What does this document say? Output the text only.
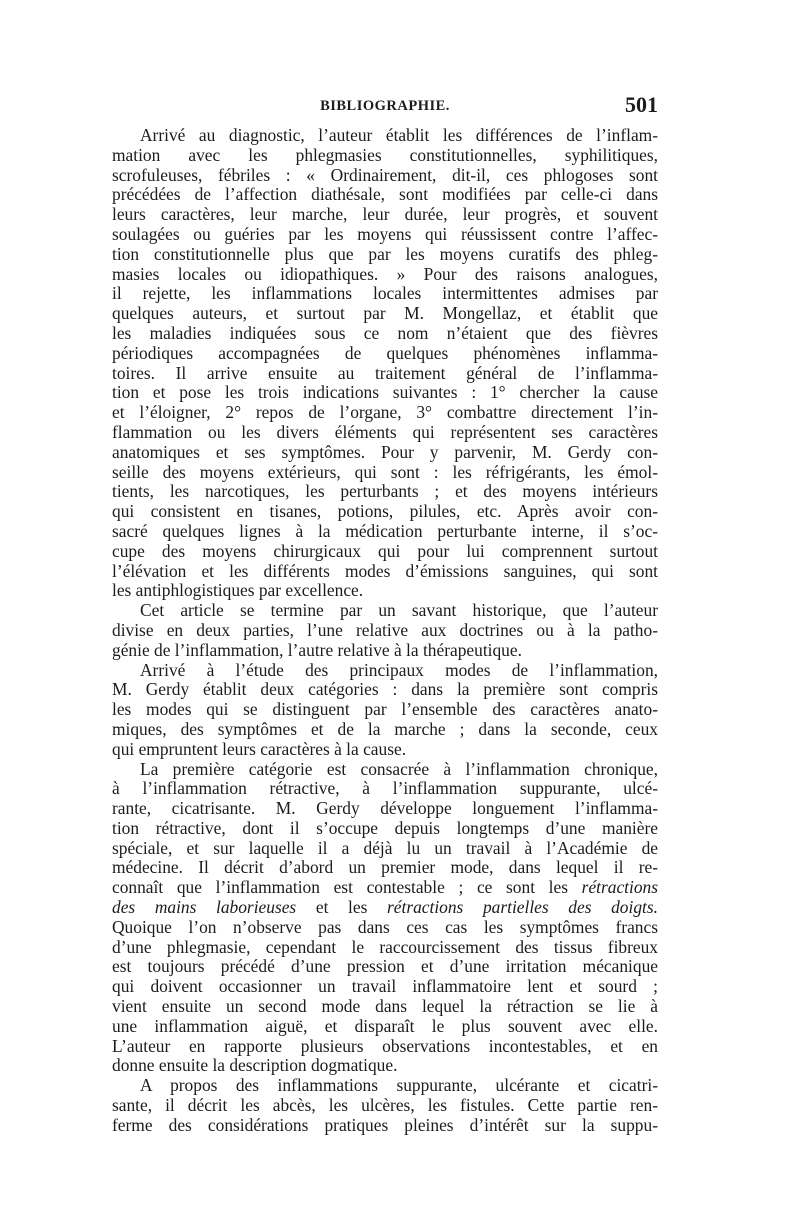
BIBLIOGRAPHIE.	501

Arrivé au diagnostic, l’auteur établit les différences de l’inflam-
mation avec les phlegmasies constitutionnelles, syphilitiques,
scrofuleuses, fébriles : « Ordinairement, dit-il, ces phlogoses sont
précédées de l’affection diathésale, sont modifiées par celle-ci dans
leurs caractères, leur marche, leur durée, leur progrès, et souvent
soulagées ou guéries par les moyens qui réussissent contre l’affec-
tion constitutionnelle plus que par les moyens curatifs des phleg-
masies locales ou idiopathiques. » Pour des raisons analogues,
il rejette, les inflammations locales intermittentes admises par
quelques auteurs, et surtout par M. Mongellaz, et établit que
les maladies indiquées sous ce nom n’étaient que des fièvres
périodiques accompagnées de quelques phénomènes inflamma-
toires. Il arrive ensuite au traitement général de l’inflamma-
tion et pose les trois indications suivantes : 1° chercher la cause
et l’éloigner, 2° repos de l’organe, 3° combattre directement l’in-
flammation ou les divers éléments qui représentent ses caractères
anatomiques et ses symptômes. Pour y parvenir, M. Gerdy con-
seille des moyens extérieurs, qui sont : les réfrigérants, les émol-
tients, les narcotiques, les perturbants ; et des moyens intérieurs
qui consistent en tisanes, potions, pilules, etc. Après avoir con-
sacré quelques lignes à la médication perturbante interne, il s’oc-
cupe des moyens chirurgicaux qui pour lui comprennent surtout
l’élévation et les différents modes d’émissions sanguines, qui sont
les antiphlogistiques par excellence.

Cet article se termine par un savant historique, que l’auteur
divise en deux parties, l’une relative aux doctrines ou à la patho-
génie de l’inflammation, l’autre relative à la thérapeutique.

Arrivé à l’étude des principaux modes de l’inflammation,
M. Gerdy établit deux catégories : dans la première sont compris
les modes qui se distinguent par l’ensemble des caractères anato-
miques, des symptômes et de la marche ; dans la seconde, ceux
qui empruntent leurs caractères à la cause.

La première catégorie est consacrée à l’inflammation chronique,
à l’inflammation rétractive, à l’inflammation suppurante, ulcé-
rante, cicatrisante. M. Gerdy développe longuement l’inflamma-
tion rétractive, dont il s’occupe depuis longtemps d’une manière
spéciale, et sur laquelle il a déjà lu un travail à l’Académie de
médecine. Il décrit d’abord un premier mode, dans lequel il re-
connaît que l’inflammation est contestable ; ce sont les rétractions
des mains laborieuses et les rétractions partielles des doigts.
Quoique l’on n’observe pas dans ces cas les symptômes francs
d’une phlegmasie, cependant le raccourcissement des tissus fibreux
est toujours précédé d’une pression et d’une irritation mécanique
qui doivent occasionner un travail inflammatoire lent et sourd ;
vient ensuite un second mode dans lequel la rétraction se lie à
une inflammation aiguë, et disparaît le plus souvent avec elle.
L’auteur en rapporte plusieurs observations incontestables, et en
donne ensuite la description dogmatique.

A propos des inflammations suppurante, ulcérante et cicatri-
sante, il décrit les abcès, les ulcères, les fistules. Cette partie ren-
ferme des considérations pratiques pleines d’intérêt sur la suppu-
